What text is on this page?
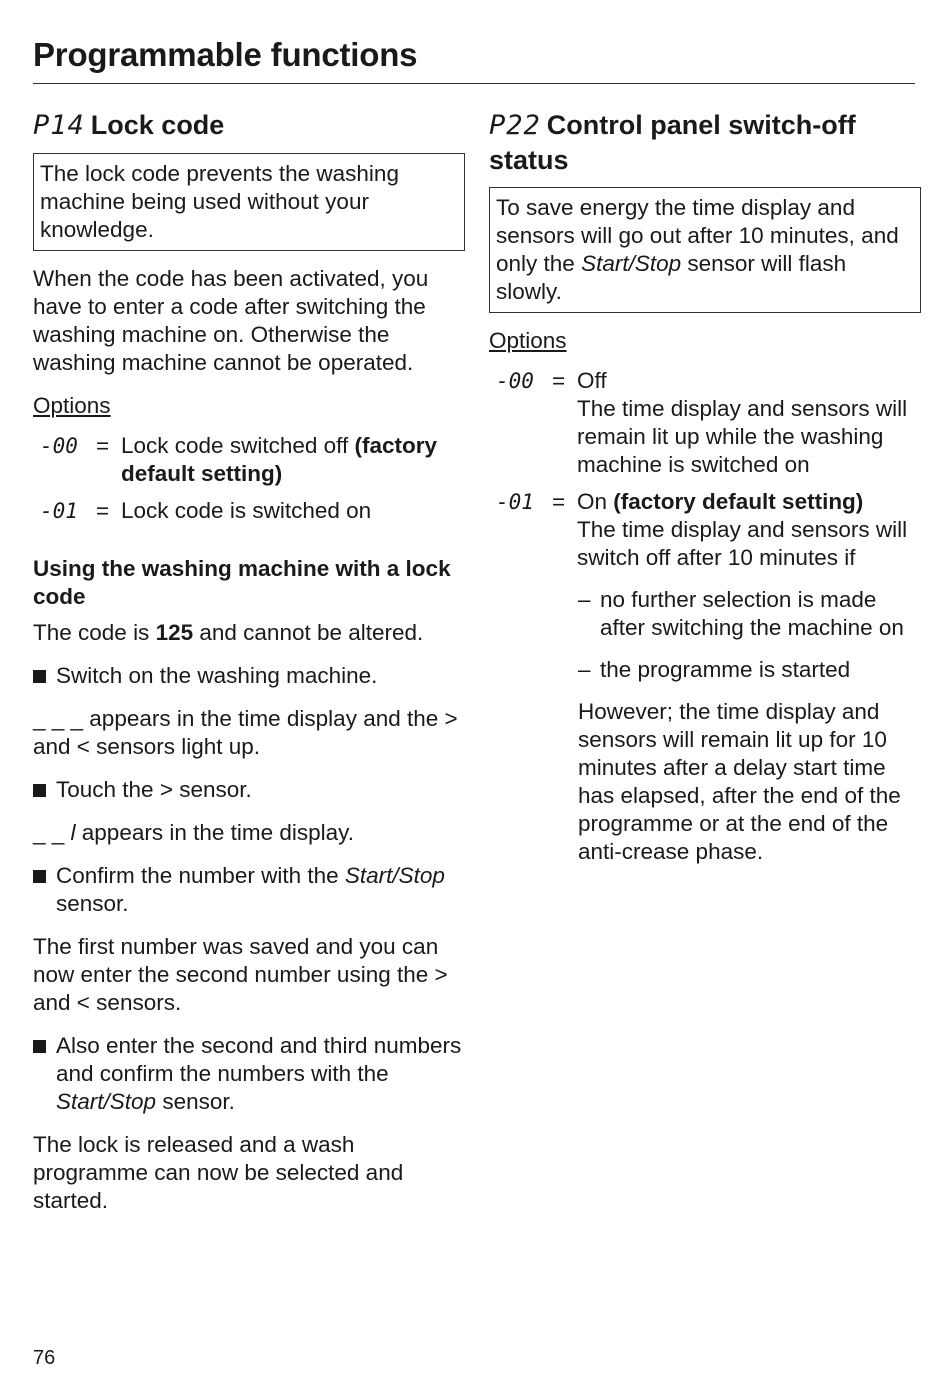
Programmable functions
P14 Lock code
The lock code prevents the washing machine being used without your knowledge.

When the code has been activated, you have to enter a code after switching the washing machine on. Otherwise the washing machine cannot be operated.

Options

-00 = Lock code switched off (factory default setting)
-01 = Lock code is switched on
Using the washing machine with a lock code

The code is 125 and cannot be altered.

Switch on the washing machine.

_ _ _ appears in the time display and the > and < sensors light up.

Touch the > sensor.

_ _ l appears in the time display.

Confirm the number with the Start/​Stop sensor.

The first number was saved and you can now enter the second number using the > and < sensors.

Also enter the second and third numbers and confirm the numbers with the Start/Stop sensor.

The lock is released and a wash programme can now be selected and started.

P22 Control panel switch-off status
To save energy the time display and sensors will go out after 10 minutes, and only the Start/Stop sensor will flash slowly.

Options

-00 = Off
The time display and sensors will remain lit up while the washing machine is switched on
-01 = On (factory default setting)
The time display and sensors will switch off after 10 minutes if
– no further selection is made after switching the machine on
– the programme is started

However; the time display and sensors will remain lit up for 10 minutes after a delay start time has elapsed, after the end of the programme or at the end of the anti-crease phase.

76
